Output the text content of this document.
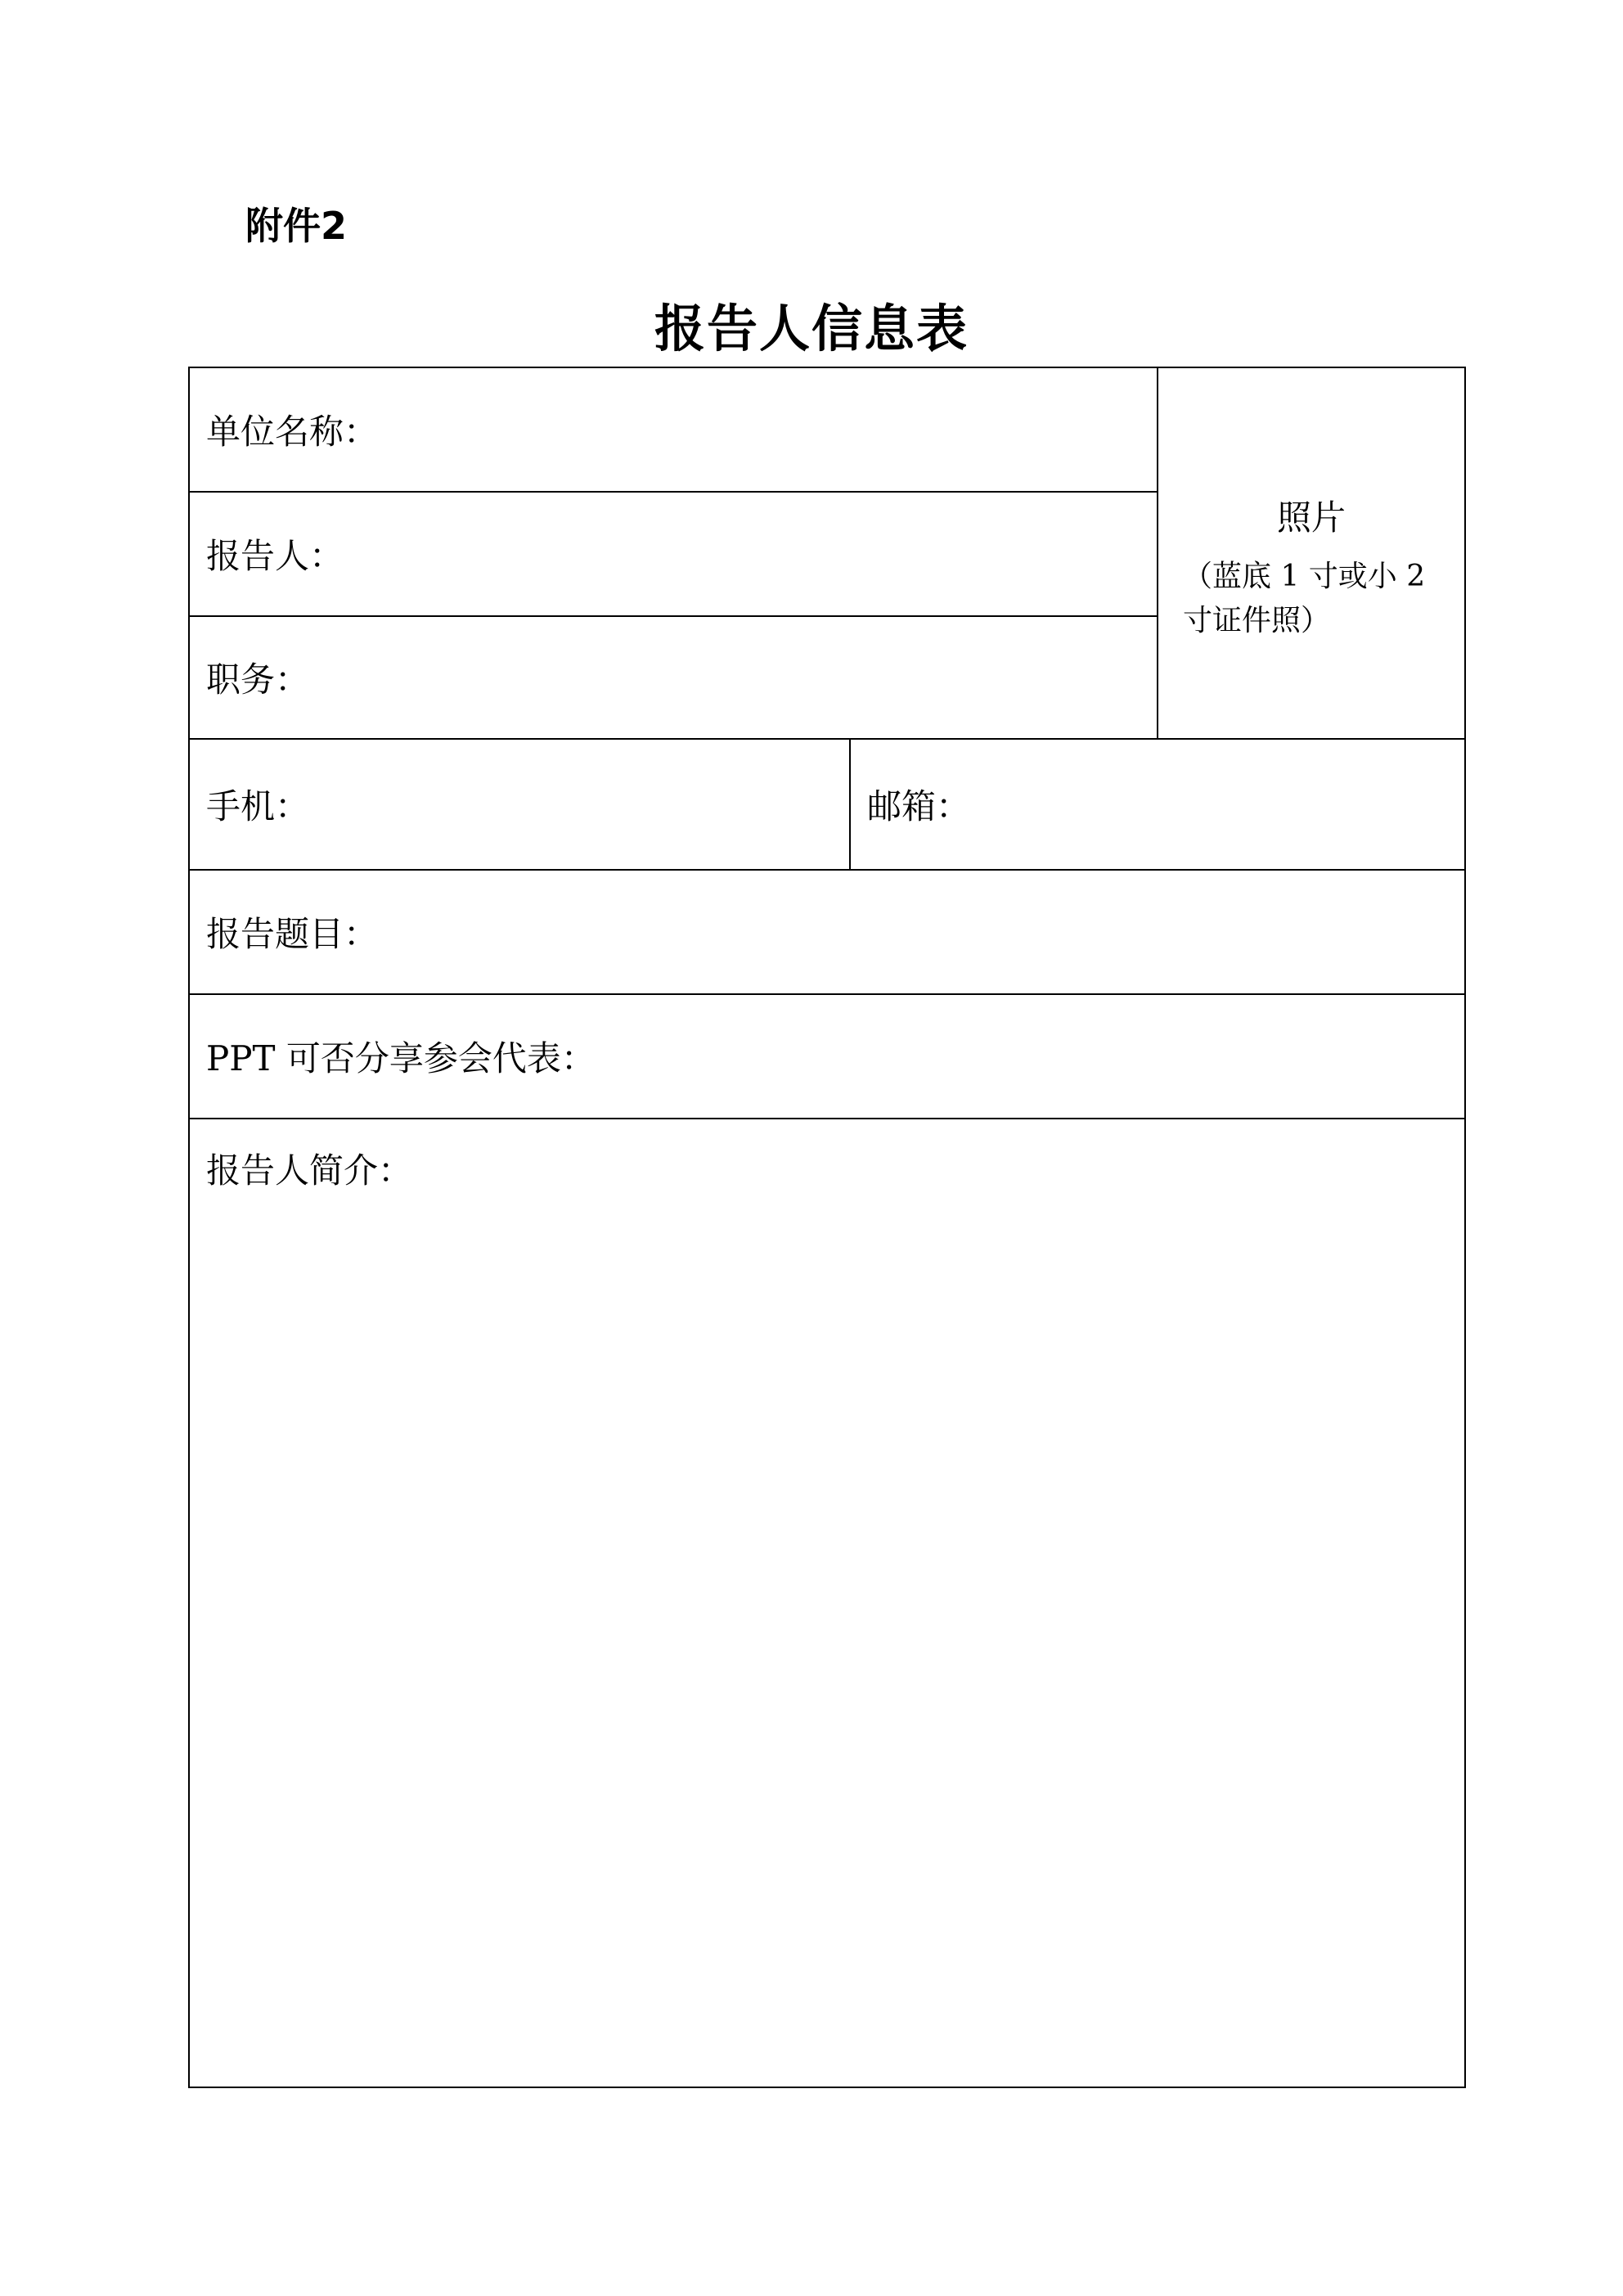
附件2
报告人信息表
单位名称：
报告人：
职务：
照片
（蓝底 1 寸或小 2 寸证件照）
手机：	邮箱：
报告题目：
PPT 可否分享参会代表：
报告人简介：
